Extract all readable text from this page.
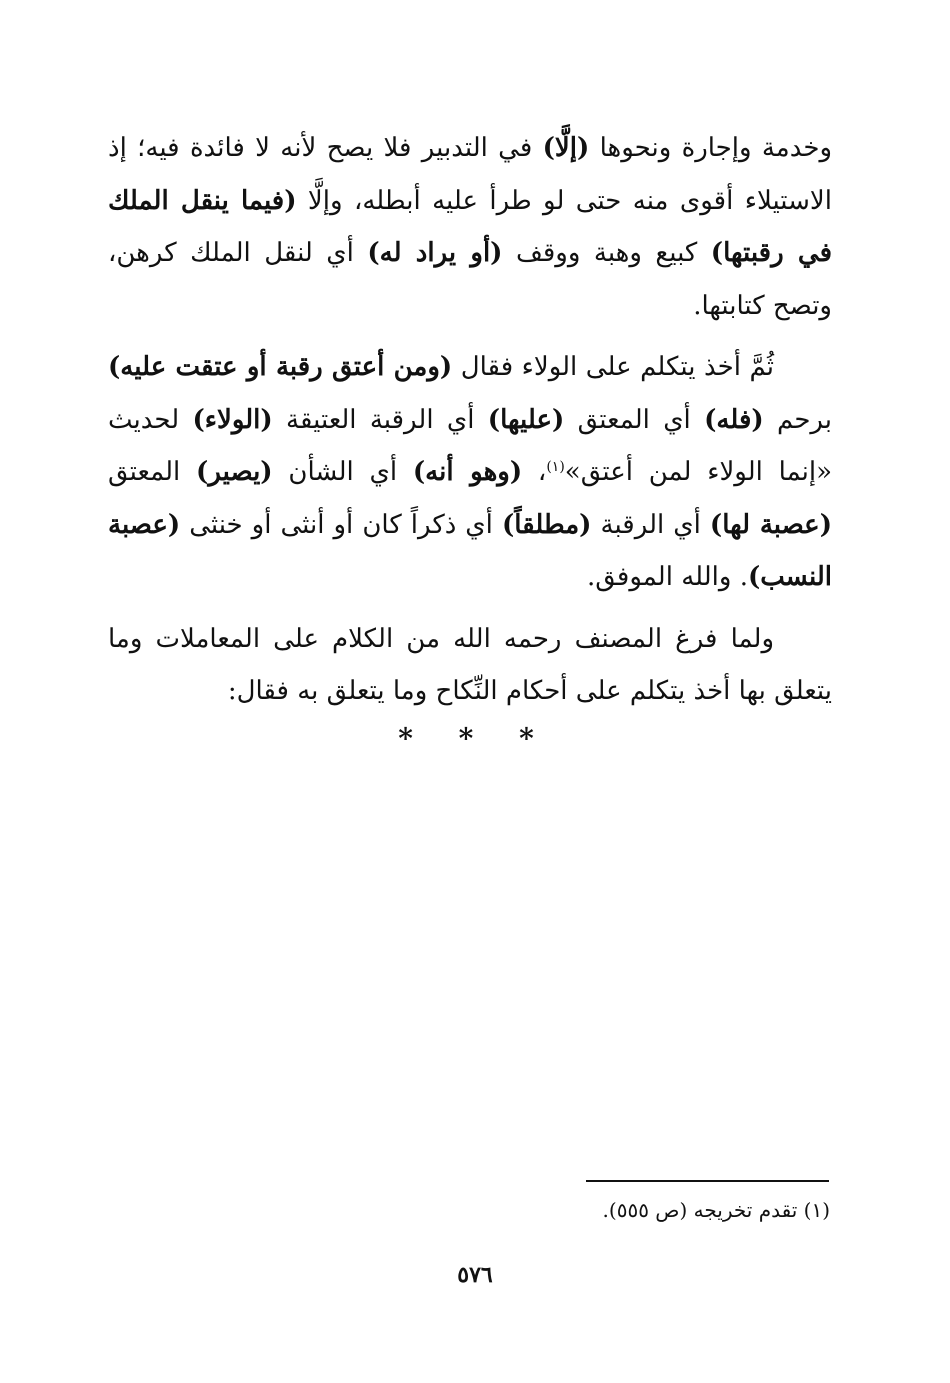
وخدمة وإجارة ونحوها (إلَّا) في التدبير فلا يصح لأنه لا فائدة فيه؛ إذ الاستيلاء أقوى منه حتى لو طرأ عليه أبطله، وإلَّا (فيما ينقل الملك في رقبتها) كبيع وهبة ووقف (أو يراد له) أي لنقل الملك كرهن، وتصح كتابتها.

ثُمَّ أخذ يتكلم على الولاء فقال (ومن أعتق رقبة أو عتقت عليه) برحم (فله) أي المعتق (عليها) أي الرقبة العتيقة (الولاء) لحديث «إنما الولاء لمن أعتق»$^{(١)}$، (وهو أنه) أي الشأن (يصير) المعتق (عصبة لها) أي الرقبة (مطلقاً) أي ذكراً كان أو أنثى أو خنثى (عصبة النسب). والله الموفق.

ولما فرغ المصنف رحمه الله من الكلام على المعاملات وما يتعلق بها أخذ يتكلم على أحكام النِّكاح وما يتعلق به فقال:

* * *
(١) تقدم تخريجه (ص ٥٥٥).
٥٧٦
